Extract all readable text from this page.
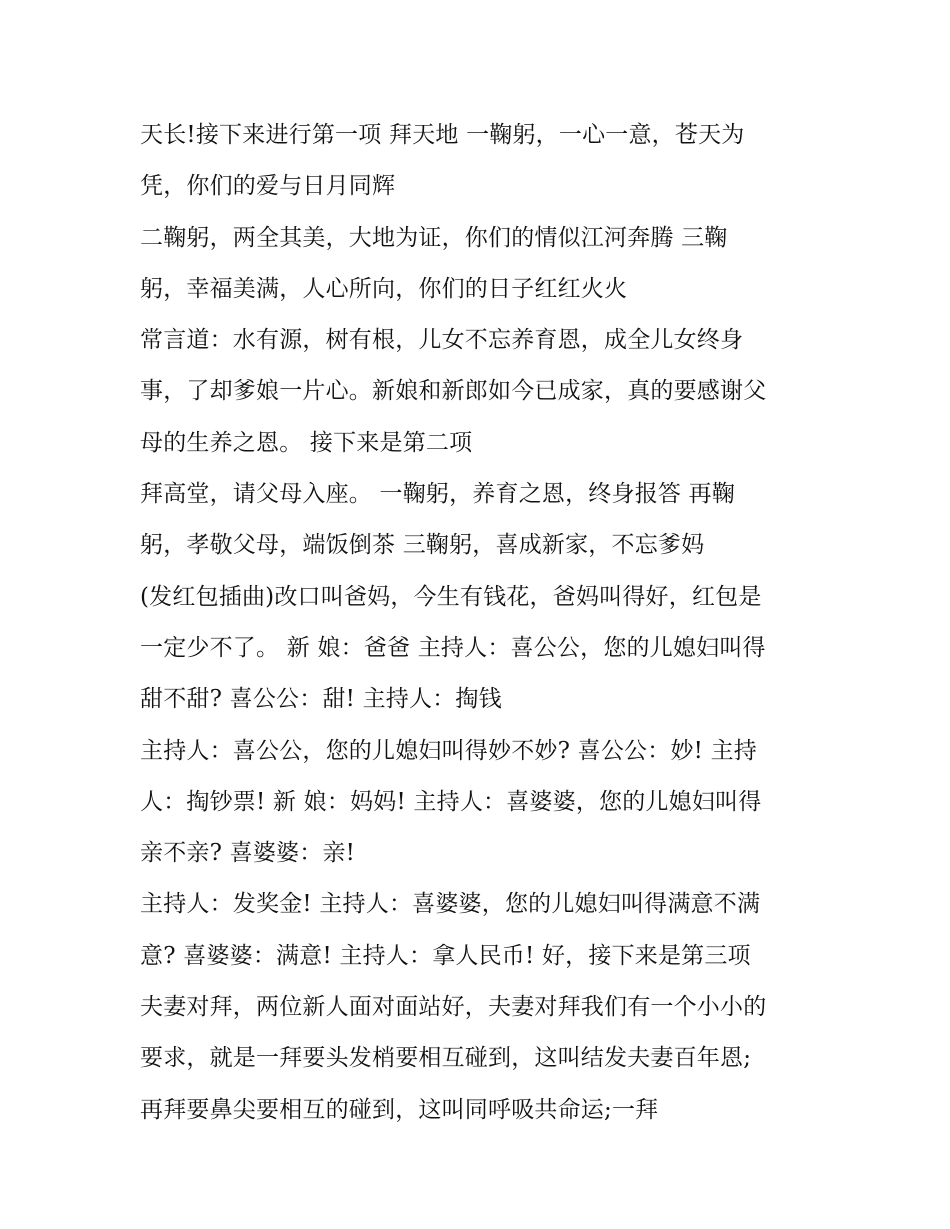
天长!接下来进行第一项 拜天地 一鞠躬，一心一意，苍天为
凭，你们的爱与日月同辉
二鞠躬，两全其美，大地为证，你们的情似江河奔腾 三鞠
躬，幸福美满，人心所向，你们的日子红红火火
常言道：水有源，树有根，儿女不忘养育恩，成全儿女终身
事，了却爹娘一片心。新娘和新郎如今已成家，真的要感谢父
母的生养之恩。 接下来是第二项
拜高堂，请父母入座。 一鞠躬，养育之恩，终身报答 再鞠
躬，孝敬父母，端饭倒茶 三鞠躬，喜成新家，不忘爹妈
(发红包插曲)改口叫爸妈，今生有钱花，爸妈叫得好，红包是
一定少不了。 新 娘：爸爸 主持人：喜公公，您的儿媳妇叫得
甜不甜? 喜公公：甜! 主持人：掏钱
主持人：喜公公，您的儿媳妇叫得妙不妙? 喜公公：妙! 主持
人：掏钞票! 新 娘：妈妈! 主持人：喜婆婆，您的儿媳妇叫得
亲不亲? 喜婆婆：亲!
主持人：发奖金! 主持人：喜婆婆，您的儿媳妇叫得满意不满
意? 喜婆婆：满意! 主持人：拿人民币! 好，接下来是第三项
夫妻对拜，两位新人面对面站好，夫妻对拜我们有一个小小的
要求，就是一拜要头发梢要相互碰到，这叫结发夫妻百年恩;
再拜要鼻尖要相互的碰到，这叫同呼吸共命运;一拜
